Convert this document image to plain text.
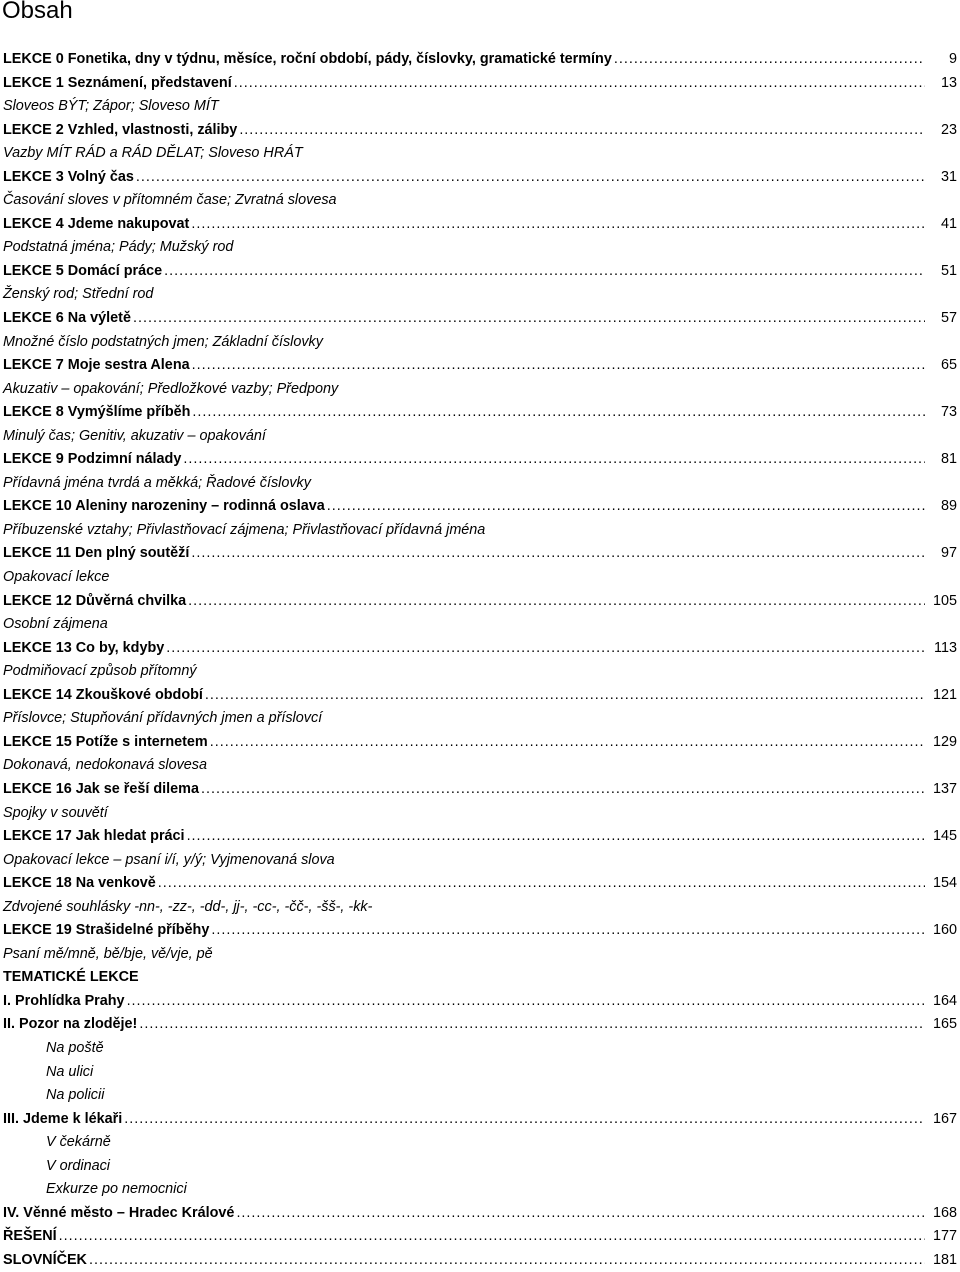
Obsah
LEKCE 0 Fonetika, dny v týdnu, měsíce, roční období, pády, číslovky, gramatické termíny .....	9
LEKCE 1 Seznámení, představení .....	13
Sloveos BÝT; Zápor; Sloveso MÍT
LEKCE 2 Vzhled, vlastnosti, záliby .....	23
Vazby MÍT RÁD a RÁD DĚLAT; Sloveso HRÁT
LEKCE 3 Volný čas .....	31
Časování sloves v přítomném čase; Zvratná slovesa
LEKCE 4 Jdeme nakupovat .....	41
Podstatná jména; Pády; Mužský rod
LEKCE 5 Domácí práce .....	51
Ženský rod; Střední rod
LEKCE 6 Na výletě .....	57
Množné číslo podstatných jmen; Základní číslovky
LEKCE 7 Moje sestra Alena .....	65
Akuzativ – opakování; Předložkové vazby; Předpony
LEKCE 8 Vymýšlíme příběh .....	73
Minulý čas; Genitiv, akuzativ – opakování
LEKCE 9 Podzimní nálady .....	81
Přídavná jména tvrdá a měkká; Řadové číslovky
LEKCE 10 Aleniny narozeniny – rodinná oslava .....	89
Příbuzenské vztahy; Přivlastňovací zájmena; Přivlastňovací přídavná jména
LEKCE 11 Den plný soutěží .....	97
Opakovací lekce
LEKCE 12 Důvěrná chvilka .....	105
Osobní zájmena
LEKCE 13 Co by, kdyby .....	113
Podmiňovací způsob přítomný
LEKCE 14 Zkouškové období .....	121
Příslovce; Stupňování přídavných jmen a příslovcí
LEKCE 15 Potíže s internetem .....	129
Dokonavá, nedokonavá slovesa
LEKCE 16 Jak se řeší dilema .....	137
Spojky v souvětí
LEKCE 17 Jak hledat práci .....	145
Opakovací lekce – psaní i/í, y/ý; Vyjmenovaná slova
LEKCE 18 Na venkově .....	154
Zdvojené souhlásky -nn-, -zz-, -dd-, jj-, -cc-, -čč-, -šš-, -kk-
LEKCE 19 Strašidelné příběhy .....	160
Psaní mě/mně, bě/bje, vě/vje, pě
TEMATICKÉ LEKCE
I. Prohlídka Prahy .....	164
II. Pozor na zloděje! .....	165
Na poště
Na ulici
Na policii
III. Jdeme k lékaři .....	167
V čekárně
V ordinaci
Exkurze po nemocnici
IV. Věnné město – Hradec Králové .....	168
ŘEŠENÍ .....	177
SLOVNÍČEK .....	181
